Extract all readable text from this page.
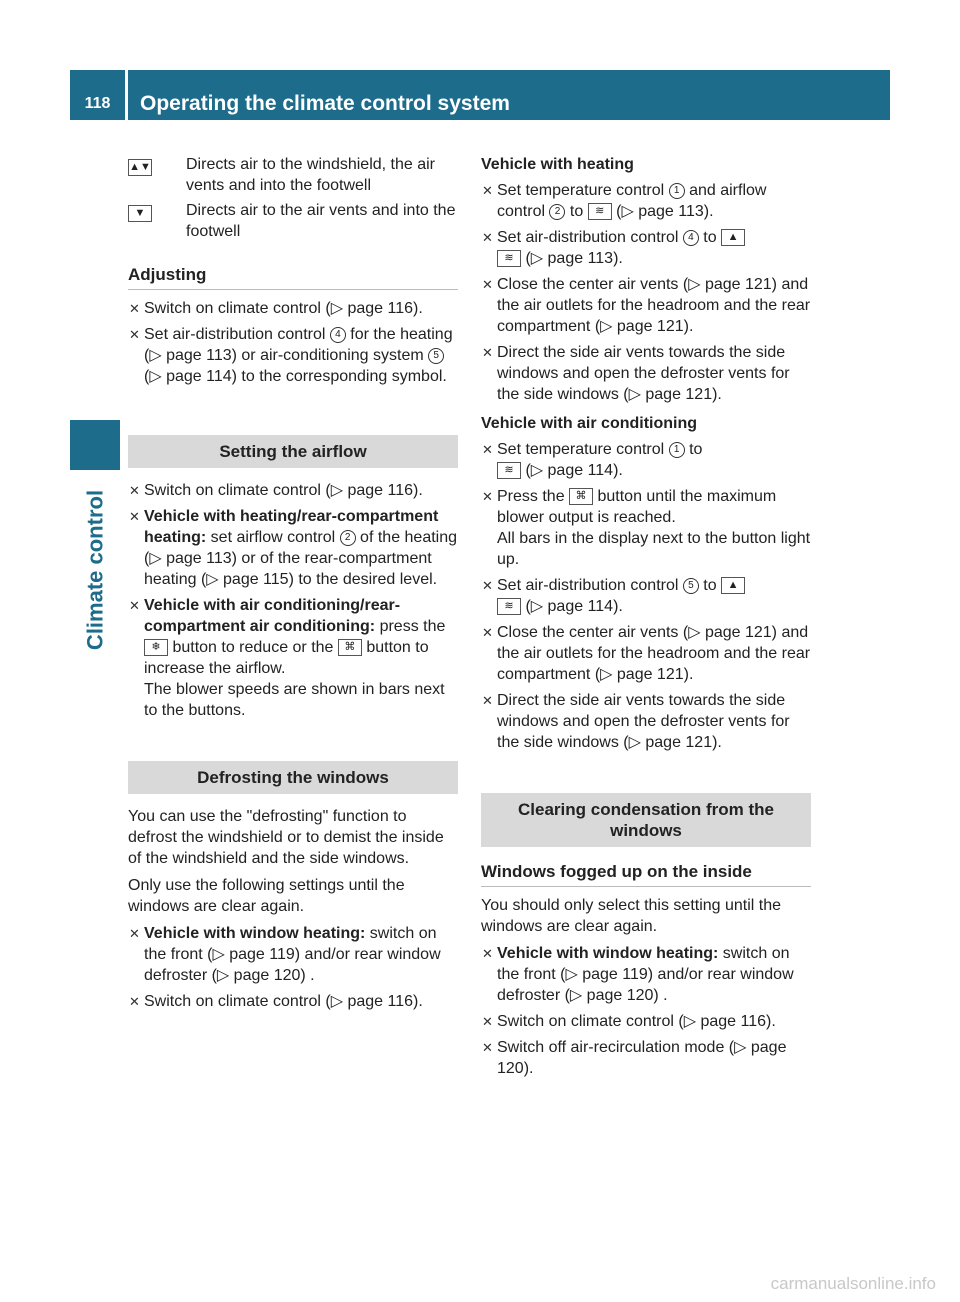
118	Operating the climate control system
Climate control
▲▼	Directs air to the windshield, the air vents and into the footwell
▼	Directs air to the air vents and into the footwell
Adjusting
✕ Switch on climate control (▷ page 116).
✕ Set air-distribution control 4 for the heating (▷ page 113) or air-conditioning system 5 (▷ page 114) to the corresponding symbol.
Setting the airflow
✕ Switch on climate control (▷ page 116).
✕ Vehicle with heating/rear-compartment heating: set airflow control 2 of the heating (▷ page 113) or of the rear-compartment heating (▷ page 115) to the desired level.
✕ Vehicle with air conditioning/rear-compartment air conditioning: press the ❄ button to reduce or the ⌘ button to increase the airflow.
The blower speeds are shown in bars next to the buttons.
Defrosting the windows

You can use the "defrosting" function to defrost the windshield or to demist the inside of the windshield and the side windows.

Only use the following settings until the windows are clear again.

✕ Vehicle with window heating: switch on the front (▷ page 119) and/or rear window defroster (▷ page 120) .
✕ Switch on climate control (▷ page 116).
Vehicle with heating
✕ Set temperature control 1 and airflow control 2 to ≋ (▷ page 113).
✕ Set air-distribution control 4 to ▲
≋ (▷ page 113).
✕ Close the center air vents (▷ page 121) and the air outlets for the headroom and the rear compartment (▷ page 121).
✕ Direct the side air vents towards the side windows and open the defroster vents for the side windows (▷ page 121).
Vehicle with air conditioning
✕ Set temperature control 1 to
≋ (▷ page 114).
✕ Press the ⌘ button until the maximum blower output is reached.
All bars in the display next to the button light up.
✕ Set air-distribution control 5 to ▲
≋ (▷ page 114).
✕ Close the center air vents (▷ page 121) and the air outlets for the headroom and the rear compartment (▷ page 121).
✕ Direct the side air vents towards the side windows and open the defroster vents for the side windows (▷ page 121).
Clearing condensation from the windows
Windows fogged up on the inside

You should only select this setting until the windows are clear again.

✕ Vehicle with window heating: switch on the front (▷ page 119) and/or rear window defroster (▷ page 120) .
✕ Switch on climate control (▷ page 116).
✕ Switch off air-recirculation mode (▷ page 120).
carmanualsonline.info
